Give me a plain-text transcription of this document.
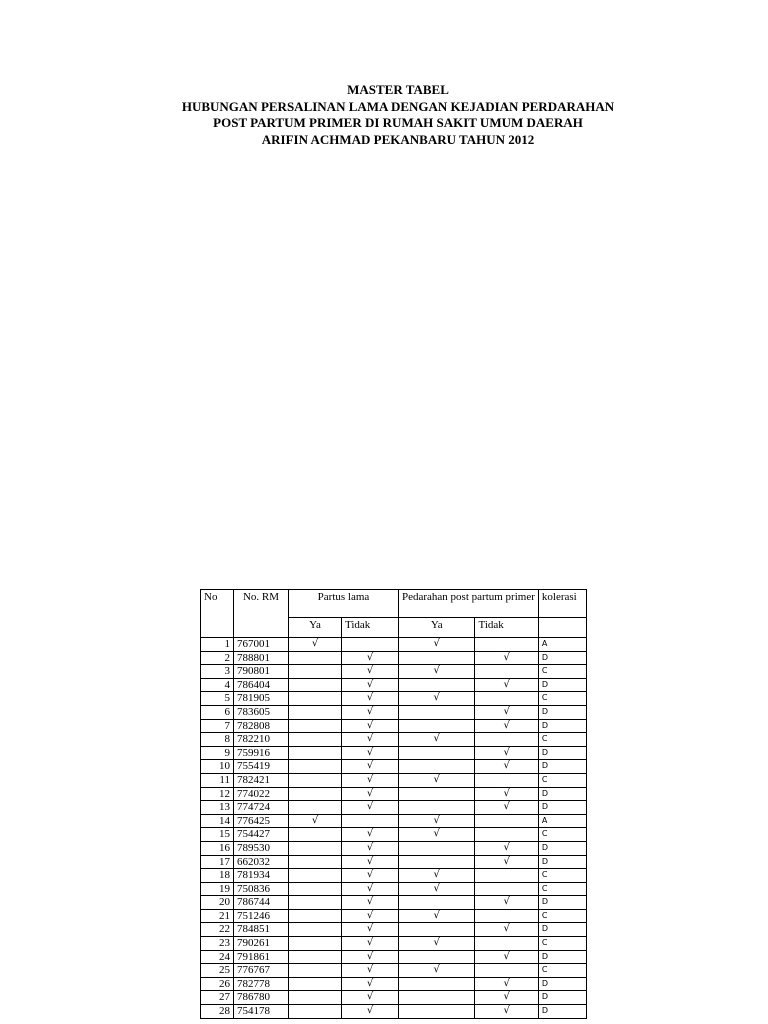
MASTER TABEL
HUBUNGAN PERSALINAN LAMA DENGAN KEJADIAN PERDARAHAN
POST PARTUM PRIMER DI RUMAH SAKIT UMUM DAERAH
ARIFIN ACHMAD PEKANBARU TAHUN 2012
No	No. RM	Partus lama		Pedarahan post partum primer		kolerasi
		Ya	Tidak	Ya	Tidak	
1	767001	√		√		A
2	788801		√		√	D
3	790801		√	√		C
4	786404		√		√	D
5	781905		√	√		C
6	783605		√		√	D
7	782808		√		√	D
8	782210		√	√		C
9	759916		√		√	D
10	755419		√		√	D
11	782421		√	√		C
12	774022		√		√	D
13	774724		√		√	D
14	776425	√		√		A
15	754427		√	√		C
16	789530		√		√	D
17	662032		√		√	D
18	781934		√	√		C
19	750836		√	√		C
20	786744		√		√	D
21	751246		√	√		C
22	784851		√		√	D
23	790261		√	√		C
24	791861		√		√	D
25	776767		√	√		C
26	782778		√		√	D
27	786780		√		√	D
28	754178		√		√	D
